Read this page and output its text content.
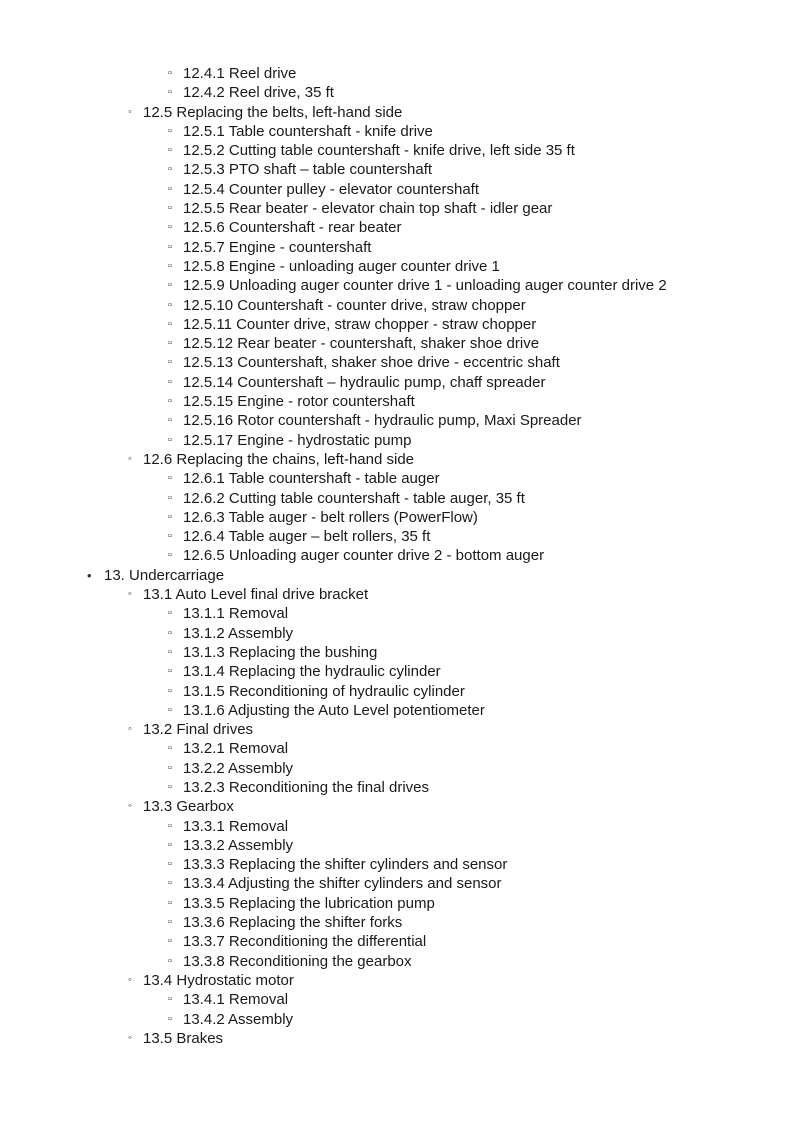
▫ 12.4.1 Reel drive
▫ 12.4.2 Reel drive, 35 ft
◦ 12.5 Replacing the belts, left-hand side
▫ 12.5.1 Table countershaft - knife drive
▫ 12.5.2 Cutting table countershaft - knife drive, left side 35 ft
▫ 12.5.3 PTO shaft – table countershaft
▫ 12.5.4 Counter pulley - elevator countershaft
▫ 12.5.5 Rear beater - elevator chain top shaft - idler gear
▫ 12.5.6 Countershaft - rear beater
▫ 12.5.7 Engine - countershaft
▫ 12.5.8 Engine - unloading auger counter drive 1
▫ 12.5.9 Unloading auger counter drive 1 - unloading auger counter drive 2
▫ 12.5.10 Countershaft - counter drive, straw chopper
▫ 12.5.11 Counter drive, straw chopper - straw chopper
▫ 12.5.12 Rear beater - countershaft, shaker shoe drive
▫ 12.5.13 Countershaft, shaker shoe drive - eccentric shaft
▫ 12.5.14 Countershaft – hydraulic pump, chaff spreader
▫ 12.5.15 Engine - rotor countershaft
▫ 12.5.16 Rotor countershaft - hydraulic pump, Maxi Spreader
▫ 12.5.17 Engine - hydrostatic pump
◦ 12.6 Replacing the chains, left-hand side
▫ 12.6.1 Table countershaft - table auger
▫ 12.6.2 Cutting table countershaft - table auger, 35 ft
▫ 12.6.3 Table auger - belt rollers (PowerFlow)
▫ 12.6.4 Table auger – belt rollers, 35 ft
▫ 12.6.5 Unloading auger counter drive 2 - bottom auger
• 13. Undercarriage
◦ 13.1 Auto Level final drive bracket
▫ 13.1.1 Removal
▫ 13.1.2 Assembly
▫ 13.1.3 Replacing the bushing
▫ 13.1.4 Replacing the hydraulic cylinder
▫ 13.1.5 Reconditioning of hydraulic cylinder
▫ 13.1.6 Adjusting the Auto Level potentiometer
◦ 13.2 Final drives
▫ 13.2.1 Removal
▫ 13.2.2 Assembly
▫ 13.2.3 Reconditioning the final drives
◦ 13.3 Gearbox
▫ 13.3.1 Removal
▫ 13.3.2 Assembly
▫ 13.3.3 Replacing the shifter cylinders and sensor
▫ 13.3.4 Adjusting the shifter cylinders and sensor
▫ 13.3.5 Replacing the lubrication pump
▫ 13.3.6 Replacing the shifter forks
▫ 13.3.7 Reconditioning the differential
▫ 13.3.8 Reconditioning the gearbox
◦ 13.4 Hydrostatic motor
▫ 13.4.1 Removal
▫ 13.4.2 Assembly
◦ 13.5 Brakes
